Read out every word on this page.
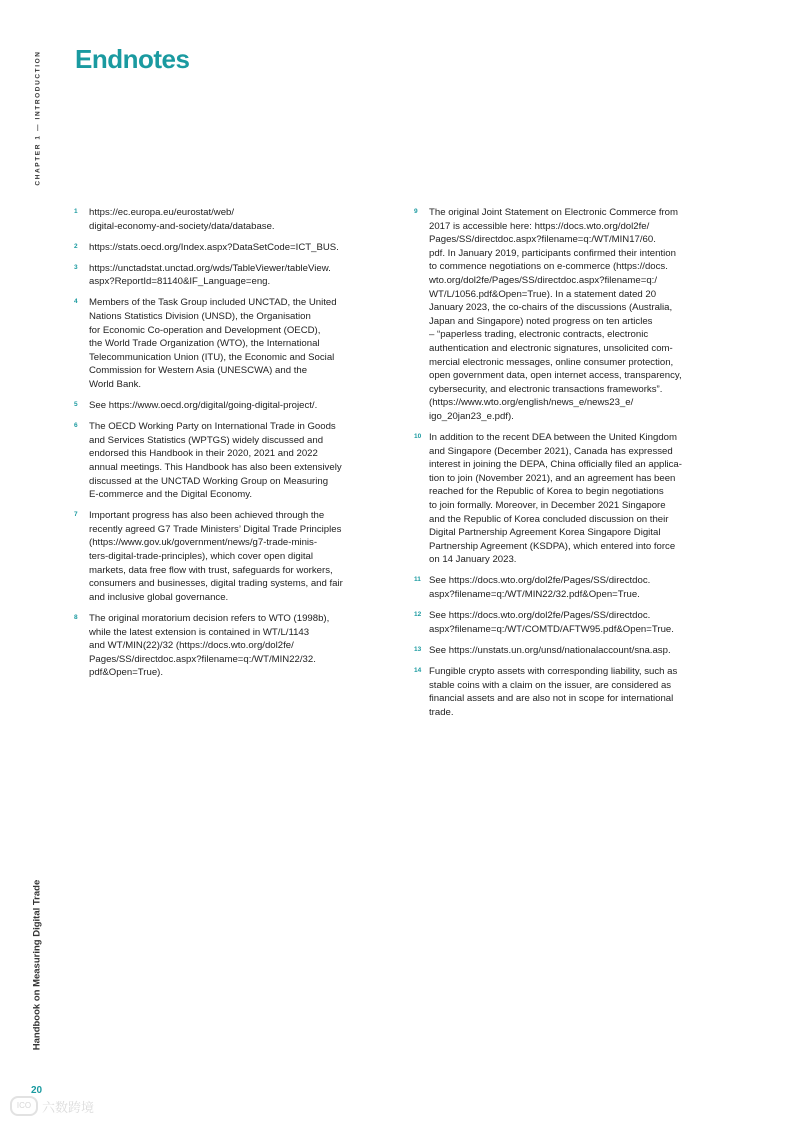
CHAPTER 1 — INTRODUCTION Endnotes
1	https://ec.europa.eu/eurostat/web/
digital-economy-and-society/data/database.
2	https://stats.oecd.org/Index.aspx?DataSetCode=ICT_BUS.
3	https://unctadstat.unctad.org/wds/TableViewer/tableView.
aspx?ReportId=81140&IF_Language=eng.
4	Members of the Task Group included UNCTAD, the United
Nations Statistics Division (UNSD), the Organisation
for Economic Co-operation and Development (OECD),
the World Trade Organization (WTO), the International
Telecommunication Union (ITU), the Economic and Social
Commission for Western Asia (UNESCWA) and the
World Bank.
5	See https://www.oecd.org/digital/going-digital-project/.
6	The OECD Working Party on International Trade in Goods
and Services Statistics (WPTGS) widely discussed and
endorsed this Handbook in their 2020, 2021 and 2022
annual meetings. This Handbook has also been extensively
discussed at the UNCTAD Working Group on Measuring
E-commerce and the Digital Economy.
7	Important progress has also been achieved through the
recently agreed G7 Trade Ministers’ Digital Trade Principles
(https://www.gov.uk/government/news/g7-trade-minis-
ters-digital-trade-principles), which cover open digital
markets, data free flow with trust, safeguards for workers,
consumers and businesses, digital trading systems, and fair
and inclusive global governance.
8	The original moratorium decision refers to WTO (1998b),
while the latest extension is contained in WT/L/1143
and WT/MIN(22)/32 (https://docs.wto.org/dol2fe/
Pages/SS/directdoc.aspx?filename=q:/WT/MIN22/32.
pdf&Open=True).
9	The original Joint Statement on Electronic Commerce from
2017 is accessible here: https://docs.wto.org/dol2fe/
Pages/SS/directdoc.aspx?filename=q:/WT/MIN17/60.
pdf. In January 2019, participants confirmed their intention
to commence negotiations on e-commerce (https://docs.
wto.org/dol2fe/Pages/SS/directdoc.aspx?filename=q:/
WT/L/1056.pdf&Open=True). In a statement dated 20
January 2023, the co-chairs of the discussions (Australia,
Japan and Singapore) noted progress on ten articles
– “paperless trading, electronic contracts, electronic
authentication and electronic signatures, unsolicited com-
mercial electronic messages, online consumer protection,
open government data, open internet access, transparency,
cybersecurity, and electronic transactions frameworks”.
(https://www.wto.org/english/news_e/news23_e/
igo_20jan23_e.pdf).
10 In addition to the recent DEA between the United Kingdom
and Singapore (December 2021), Canada has expressed
interest in joining the DEPA, China officially filed an applica-
tion to join (November 2021), and an agreement has been
reached for the Republic of Korea to begin negotiations
to join formally. Moreover, in December 2021 Singapore
and the Republic of Korea concluded discussion on their
Digital Partnership Agreement Korea Singapore Digital
Partnership Agreement (KSDPA), which entered into force
on 14 January 2023.
11 See https://docs.wto.org/dol2fe/Pages/SS/directdoc.
aspx?filename=q:/WT/MIN22/32.pdf&Open=True.
12 See https://docs.wto.org/dol2fe/Pages/SS/directdoc.
aspx?filename=q:/WT/COMTD/AFTW95.pdf&Open=True.
13 See https://unstats.un.org/unsd/nationalaccount/sna.asp.
14 Fungible crypto assets with corresponding liability, such as
stable coins with a claim on the issuer, are considered as
financial assets and are also not in scope for international
trade.
Handbook on Measuring Digital Trade
20
ICO 六数跨境
